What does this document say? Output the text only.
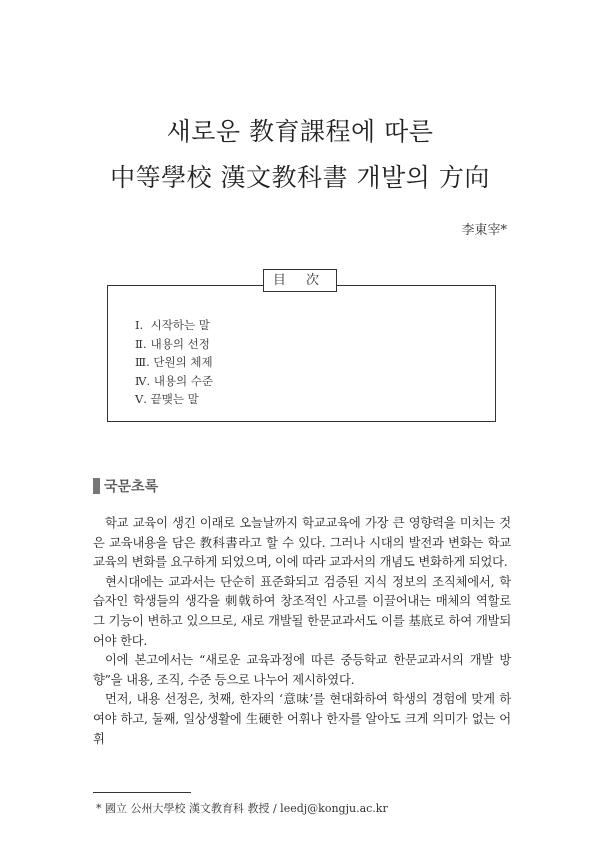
새로운 教育課程에 따른
中等學校 漢文教科書 개발의 方向
李東宰*
目 次
Ⅰ. 시작하는 말
Ⅱ. 내용의 선정
Ⅲ. 단원의 체제
Ⅳ. 내용의 수준
Ⅴ. 끝맺는 말
국문초록

학교 교육이 생긴 이래로 오늘날까지 학교교육에 가장 큰 영향력을 미치는 것은 교육내용을 담은 教科書라고 할 수 있다. 그러나 시대의 발전과 변화는 학교교육의 변화를 요구하게 되었으며, 이에 따라 교과서의 개념도 변화하게 되었다.

현시대에는 교과서는 단순히 표준화되고 검증된 지식 정보의 조직체에서, 학습자인 학생들의 생각을 刺戟하여 창조적인 사고를 이끌어내는 매체의 역할로 그 기능이 변하고 있으므로, 새로 개발될 한문교과서도 이를 基底로 하여 개발되어야 한다.

이에 본고에서는 “새로운 교육과정에 따른 중등학교 한문교과서의 개발 방향”을 내용, 조직, 수준 등으로 나누어 제시하였다.

먼저, 내용 선정은, 첫째, 한자의 ‘意味’를 현대화하여 학생의 경험에 맞게 하여야 하고, 둘째, 일상생활에 生硬한 어휘나 한자를 알아도 크게 의미가 없는 어휘

* 國立 公州大學校 漢文教育科 教授 / leedj@kongju.ac.kr
